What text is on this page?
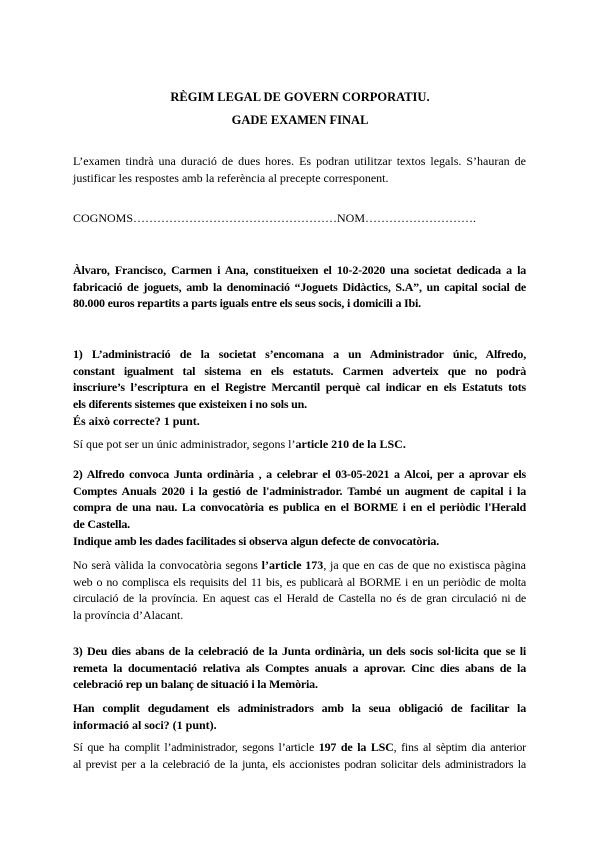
RÈGIM LEGAL DE GOVERN CORPORATIU.
GADE EXAMEN FINAL
L’examen tindrà una duració de dues hores. Es podran utilitzar textos legals. S’hauran de
justificar les respostes amb la referència al precepte corresponent.
COGNOMS……………………………………………NOM……………………….
Àlvaro, Francisco, Carmen i Ana, constitueixen el 10-2-2020 una societat dedicada a la
fabricació de joguets, amb la denominació “Joguets Didàctics, S.A”, un capital social de
80.000 euros repartits a parts iguals entre els seus socis, i domicili a Ibi.
1) L’administració de la societat s’encomana a un Administrador únic, Alfredo,
constant igualment tal sistema en els estatuts. Carmen adverteix que no podrà
inscriure’s l’escriptura en el Registre Mercantil perquè cal indicar en els Estatuts tots
els diferents sistemes que existeixen i no sols un.
És això correcte? 1 punt.
Sí que pot ser un únic administrador, segons l’article 210 de la LSC.
2) Alfredo convoca Junta ordinària , a celebrar el 03-05-2021 a Alcoi, per a aprovar els
Comptes Anuals 2020 i la gestió de l'administrador. També un augment de capital i la
compra de una nau. La convocatòria es publica en el BORME i en el periòdic l'Herald
de Castella.
Indique amb les dades facilitades si observa algun defecte de convocatòria.
No serà vàlida la convocatòria segons l’article 173, ja que en cas de que no existisca pàgina
web o no complisca els requisits del 11 bis, es publicarà al BORME i en un periòdic de molta
circulació de la província. En aquest cas el Herald de Castella no és de gran circulació ni de
la província d’Alacant.
3) Deu dies abans de la celebració de la Junta ordinària, un dels socis sol·licita que se li
remeta la documentació relativa als Comptes anuals a aprovar. Cinc dies abans de la
celebració rep un balanç de situació i la Memòria.
Han complit degudament els administradors amb la seua obligació de facilitar la
informació al soci? (1 punt).
Sí que ha complit l’administrador, segons l’article 197 de la LSC, fins al sèptim dia anterior
al previst per a la celebració de la junta, els accionistes podran solicitar dels administradors la
